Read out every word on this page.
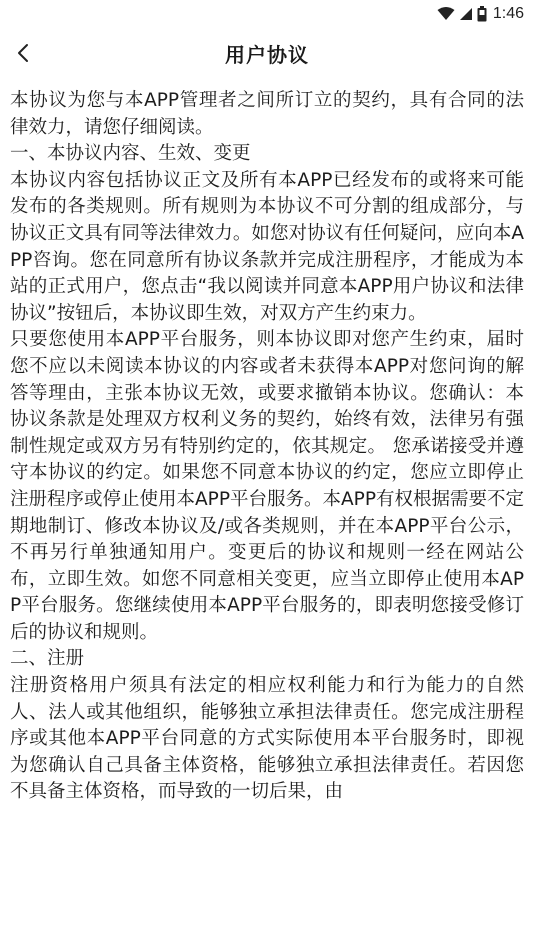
1:46
用户协议

本协议为您与本APP管理者之间所订立的契约，具有合同的法律效力，请您仔细阅读。

一、本协议内容、生效、变更

本协议内容包括协议正文及所有本APP已经发布的或将来可能发布的各类规则。所有规则为本协议不可分割的组成部分，与协议正文具有同等法律效力。如您对协议有任何疑问，应向本APP咨询。您在同意所有协议条款并完成注册程序，才能成为本站的正式用户，您点击“我以阅读并同意本APP用户协议和法律协议”按钮后，本协议即生效，对双方产生约束力。

只要您使用本APP平台服务，则本协议即对您产生约束，届时您不应以未阅读本协议的内容或者未获得本APP对您问询的解答等理由，主张本协议无效，或要求撤销本协议。您确认：本协议条款是处理双方权利义务的契约，始终有效，法律另有强制性规定或双方另有特别约定的，依其规定。 您承诺接受并遵守本协议的约定。如果您不同意本协议的约定，您应立即停止注册程序或停止使用本APP平台服务。本APP有权根据需要不定期地制订、修改本协议及/或各类规则，并在本APP平台公示，不再另行单独通知用户。变更后的协议和规则一经在网站公布，立即生效。如您不同意相关变更，应当立即停止使用本APP平台服务。您继续使用本APP平台服务的，即表明您接受修订后的协议和规则。

二、注册

注册资格用户须具有法定的相应权利能力和行为能力的自然人、法人或其他组织，能够独立承担法律责任。您完成注册程序或其他本APP平台同意的方式实际使用本平台服务时，即视为您确认自己具备主体资格，能够独立承担法律责任。若因您不具备主体资格，而导致的一切后果，由
